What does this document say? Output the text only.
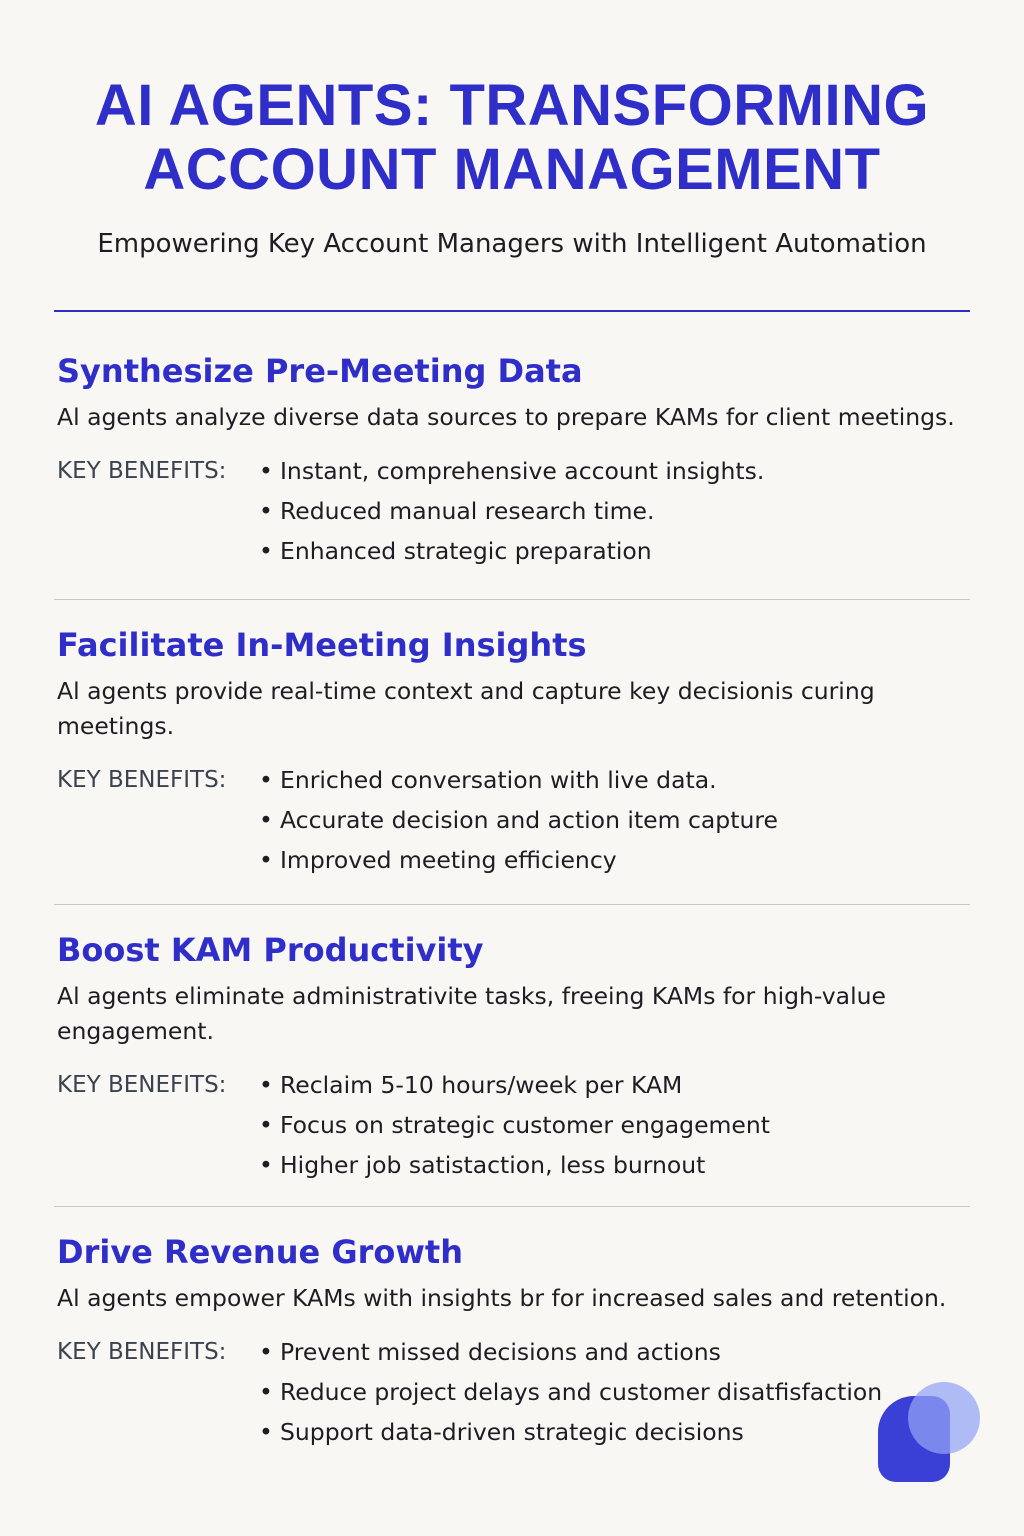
AI AGENTS: TRANSFORMING
ACCOUNT MANAGEMENT
Empowering Key Account Managers with Intelligent Automation
Synthesize Pre-Meeting Data
Al agents analyze diverse data sources to prepare KAMs for client meetings.
KEY BENEFITS:	• Instant, comprehensive account insights.
• Reduced manual research time.
• Enhanced strategic preparation
Facilitate In-Meeting Insights
Al agents provide real-time context and capture key decisionis curing meetings.
KEY BENEFITS:	• Enriched conversation with live data.
• Accurate decision and action item capture
• Improved meeting efficiency
Boost KAM Productivity
Al agents eliminate administrativite tasks, freeing KAMs for high-value engagement.
KEY BENEFITS:	• Reclaim 5-10 hours/week per KAM
• Focus on strategic customer engagement
• Higher job satistaction, less burnout
Drive Revenue Growth
Al agents empower KAMs with insights br for increased sales and retention.
KEY BENEFITS:	• Prevent missed decisions and actions
• Reduce project delays and customer disatfisfaction
• Support data-driven strategic decisions
